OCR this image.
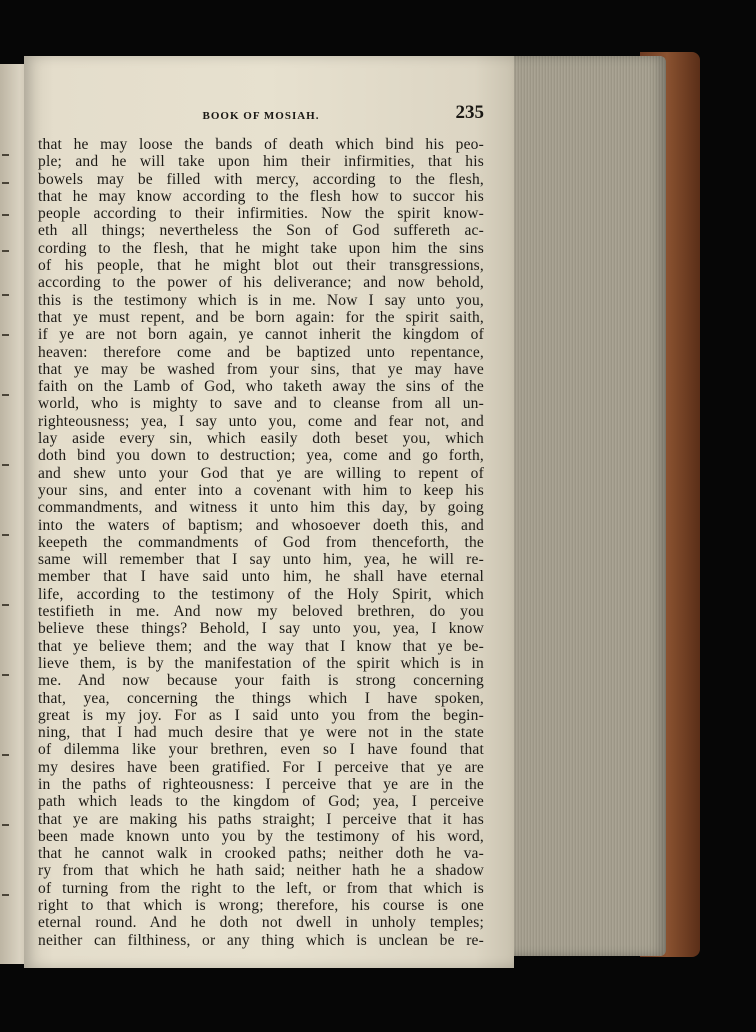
BOOK OF MOSIAH.	235
that he may loose the bands of death which bind his peo-
ple; and he will take upon him their infirmities, that his
bowels may be filled with mercy, according to the flesh,
that he may know according to the flesh how to succor his
people according to their infirmities. Now the spirit know-
eth all things; nevertheless the Son of God suffereth ac-
cording to the flesh, that he might take upon him the sins
of his people, that he might blot out their transgressions,
according to the power of his deliverance; and now behold,
this is the testimony which is in me. Now I say unto you,
that ye must repent, and be born again: for the spirit saith,
if ye are not born again, ye cannot inherit the kingdom of
heaven: therefore come and be baptized unto repentance,
that ye may be washed from your sins, that ye may have
faith on the Lamb of God, who taketh away the sins of the
world, who is mighty to save and to cleanse from all un-
righteousness; yea, I say unto you, come and fear not, and
lay aside every sin, which easily doth beset you, which
doth bind you down to destruction; yea, come and go forth,
and shew unto your God that ye are willing to repent of
your sins, and enter into a covenant with him to keep his
commandments, and witness it unto him this day, by going
into the waters of baptism; and whosoever doeth this, and
keepeth the commandments of God from thenceforth, the
same will remember that I say unto him, yea, he will re-
member that I have said unto him, he shall have eternal
life, according to the testimony of the Holy Spirit, which
testifieth in me. And now my beloved brethren, do you
believe these things? Behold, I say unto you, yea, I know
that ye believe them; and the way that I know that ye be-
lieve them, is by the manifestation of the spirit which is in
me. And now because your faith is strong concerning
that, yea, concerning the things which I have spoken,
great is my joy. For as I said unto you from the begin-
ning, that I had much desire that ye were not in the state
of dilemma like your brethren, even so I have found that
my desires have been gratified. For I perceive that ye are
in the paths of righteousness: I perceive that ye are in the
path which leads to the kingdom of God; yea, I perceive
that ye are making his paths straight; I perceive that it has
been made known unto you by the testimony of his word,
that he cannot walk in crooked paths; neither doth he va-
ry from that which he hath said; neither hath he a shadow
of turning from the right to the left, or from that which is
right to that which is wrong; therefore, his course is one
eternal round. And he doth not dwell in unholy temples;
neither can filthiness, or any thing which is unclean be re-
